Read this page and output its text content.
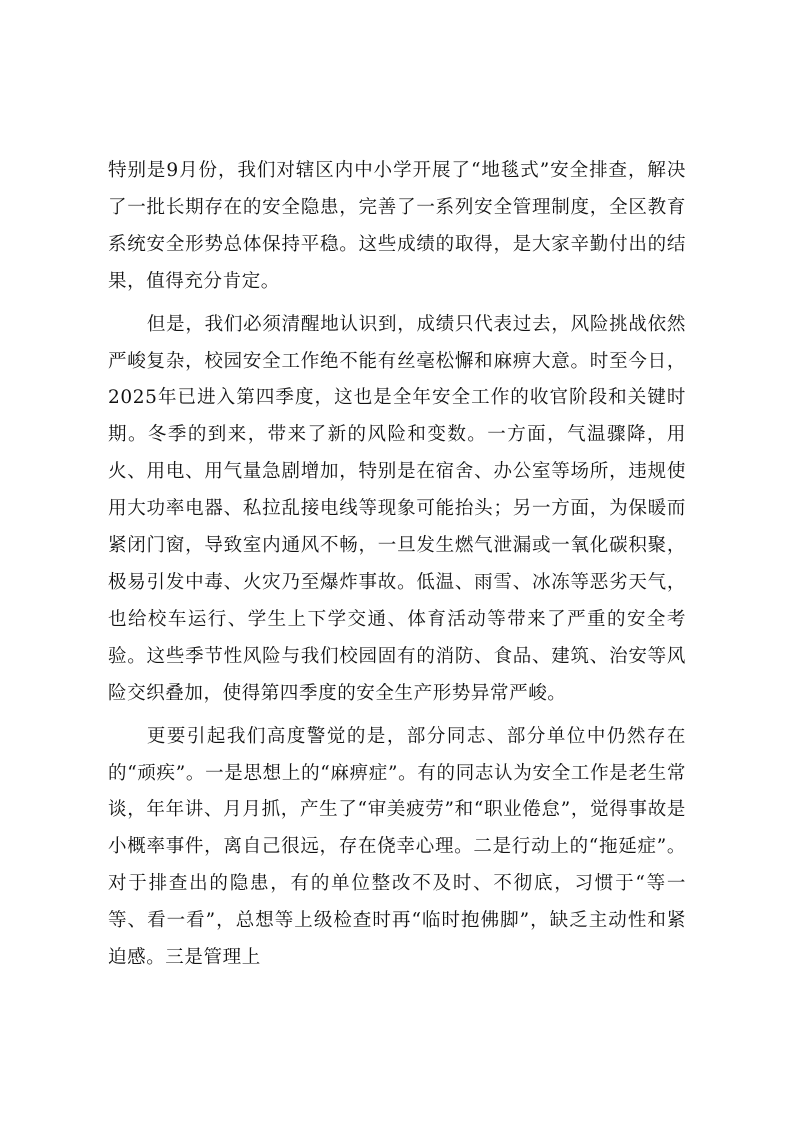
特别是9月份，我们对辖区内中小学开展了“地毯式”安全排查，解决了一批长期存在的安全隐患，完善了一系列安全管理制度，全区教育系统安全形势总体保持平稳。这些成绩的取得，是大家辛勤付出的结果，值得充分肯定。

但是，我们必须清醒地认识到，成绩只代表过去，风险挑战依然严峻复杂，校园安全工作绝不能有丝毫松懈和麻痹大意。时至今日，2025年已进入第四季度，这也是全年安全工作的收官阶段和关键时期。冬季的到来，带来了新的风险和变数。一方面，气温骤降，用火、用电、用气量急剧增加，特别是在宿舍、办公室等场所，违规使用大功率电器、私拉乱接电线等现象可能抬头；另一方面，为保暖而紧闭门窗，导致室内通风不畅，一旦发生燃气泄漏或一氧化碳积聚，极易引发中毒、火灾乃至爆炸事故。低温、雨雪、冰冻等恶劣天气，也给校车运行、学生上下学交通、体育活动等带来了严重的安全考验。这些季节性风险与我们校园固有的消防、食品、建筑、治安等风险交织叠加，使得第四季度的安全生产形势异常严峻。

更要引起我们高度警觉的是，部分同志、部分单位中仍然存在的“顽疾”。一是思想上的“麻痹症”。有的同志认为安全工作是老生常谈，年年讲、月月抓，产生了“审美疲劳”和“职业倦怠”，觉得事故是小概率事件，离自己很远，存在侥幸心理。二是行动上的“拖延症”。对于排查出的隐患，有的单位整改不及时、不彻底，习惯于“等一等、看一看”，总想等上级检查时再“临时抱佛脚”，缺乏主动性和紧迫感。三是管理上
